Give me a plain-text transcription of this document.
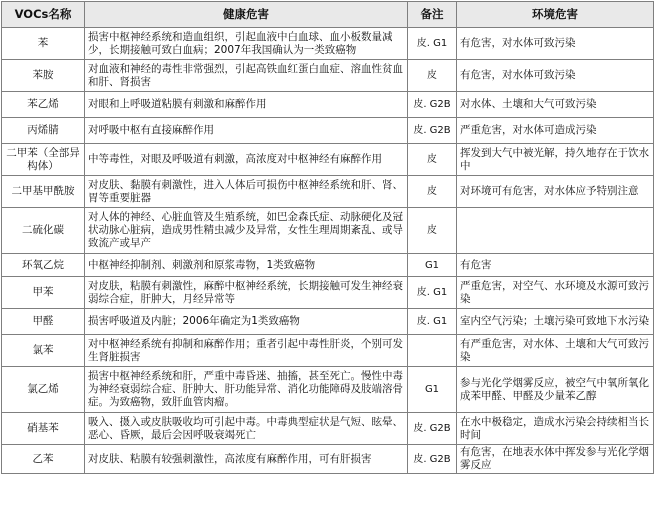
VOCs名称	健康危害	备注	环境危害
苯	损害中枢神经系统和造血组织，引起血液中白血球、血小板数量减少，长期接触可致白血病；2007年我国确认为一类致癌物	皮. G1	有危害，对水体可致污染
苯胺	对血液和神经的毒性非常强烈，引起高铁血红蛋白血症、溶血性贫血和肝、肾损害	皮	有危害，对水体可致污染
苯乙烯	对眼和上呼吸道粘膜有刺激和麻醉作用	皮. G2B	对水体、土壤和大气可致污染
丙烯腈	对呼吸中枢有直接麻醉作用	皮. G2B	严重危害，对水体可造成污染
二甲苯（全部异构体）	中等毒性，对眼及呼吸道有刺激，高浓度对中枢神经有麻醉作用	皮	挥发到大气中被光解，持久地存在于饮水中
二甲基甲酰胺	对皮肤、黏膜有刺激性，进入人体后可损伤中枢神经系统和肝、肾、胃等重要脏器	皮	对环境可有危害，对水体应予特别注意
二硫化碳	对人体的神经、心脏血管及生殖系统，如巴金森氏症、动脉硬化及冠状动脉心脏病，造成男性精虫减少及异常，女性生理周期紊乱、或导致流产或早产	皮	
环氧乙烷	中枢神经抑制剂、刺激剂和原浆毒物，1类致癌物	G1	有危害
甲苯	对皮肤，粘膜有刺激性，麻醉中枢神经系统，长期接触可发生神经衰弱综合症，肝肿大，月经异常等	皮. G1	严重危害，对空气、水环境及水源可致污染
甲醛	损害呼吸道及内脏；2006年确定为1类致癌物	皮. G1	室内空气污染；土壤污染可致地下水污染
氯苯	对中枢神经系统有抑制和麻醉作用；重者引起中毒性肝炎，个别可发生肾脏损害		有严重危害，对水体、土壤和大气可致污染
氯乙烯	损害中枢神经系统和肝，严重中毒昏迷、抽搐，甚至死亡。慢性中毒为神经衰弱综合症、肝肿大、肝功能异常、消化功能障碍及肢端溶骨症。为致癌物，致肝血管肉瘤。	G1	参与光化学烟雾反应，被空气中氧所氧化成苯甲醛、甲醛及少量苯乙醇
硝基苯	吸入、摄入或皮肤吸收均可引起中毒。中毒典型症状是气短、眩晕、恶心、昏厥，最后会因呼吸衰竭死亡	皮. G2B	在水中极稳定，造成水污染会持续相当长时间
乙苯	对皮肤、粘膜有较强刺激性，高浓度有麻醉作用，可有肝损害	皮. G2B	有危害，在地表水体中挥发参与光化学烟雾反应
